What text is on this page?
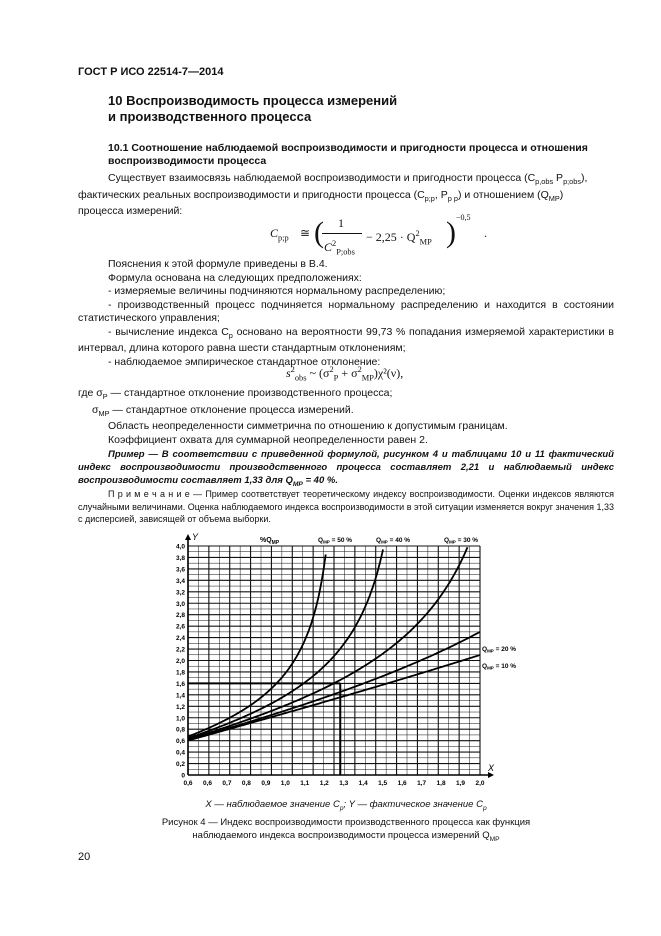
ГОСТ Р ИСО 22514-7—2014
10 Воспроизводимость процесса измерений
и производственного процесса
10.1 Соотношение наблюдаемой воспроизводимости и пригодности процесса и отношения
воспроизводимости процесса
Существует взаимосвязь наблюдаемой воспроизводимости и пригодности процесса ($C_{p,obs}$ $P_{p;obs}$),
фактических реальных воспроизводимости и пригодности процесса ($C_{p;p}$, $P_{p p}$) и отношением $(Q_{MP})$
процесса измерений:
$C_{p;p}$ ≅ ( 1
$C^2_{P;obs}$
− $2,25 \cdot Q^2_{MP}$ ) −0,5
.
Пояснения к этой формуле приведены в В.4.
Формула основана на следующих предположениях:
- измеряемые величины подчиняются нормальному распределению;
- производственный процесс подчиняется нормальному распределению и находится в состоянии статистического управления;
- вычисление индекса $C_p$ основано на вероятности 99,73 % попадания измеряемой характеристики в интервал, длина которого равна шести стандартным отклонениям;
- наблюдаемое эмпирическое стандартное отклонение:
$s^2_{obs}$ ~ $(\sigma^2_P + \sigma^2_{MP})\chi^2(\nu)$,
где $\sigma_P$ — стандартное отклонение производственного процесса;
$\sigma_{MP}$ — стандартное отклонение процесса измерений.
Область неопределенности симметрична по отношению к допустимым границам.
Коэффициент охвата для суммарной неопределенности равен 2.
Пример — В соответствии с приведенной формулой, рисунком 4 и таблицами 10 и 11 фактический индекс воспроизводимости производственного процесса составляет 2,21 и наблюдаемый индекс воспроизводимости составляет 1,33 для $Q_{MP} = 40$ %.
П р и м е ч а н и е — Пример соответствует теоретическому индексу воспроизводимости. Оценки индексов являются случайными величинами. Оценка наблюдаемого индекса воспроизводимости в этой ситуации изменяется вокруг значения 1,33 с дисперсией, зависящей от объема выборки.
X
Y
0,6 0,6 0,7 0,8 0,9 1,0 1,1 1,2 1,3 1,4 1,5 1,6 1,7 1,8 1,9 2,0
0
0,2
0,4
0,6
0,8
1,0
1,2
1,4
1,6
1,8
2,0
2,2
2,4
2,6
2,8
3,0
3,2
3,4
3,6
3,8
4,0
$\%Q_{MP}$	$Q_{MP} = 50$ %	$Q_{MP} = 40$ %	$Q_{MP} = 30$ %
$Q_{MP} = 20$ %
$Q_{MP} = 10$ %
X — наблюдаемое значение $C_p$; Y — фактическое значение $C_p$
Рисунок 4 — Индекс воспроизводимости производственного процесса как функция
наблюдаемого индекса воспроизводимости процесса измерений $Q_{MP}$
20
